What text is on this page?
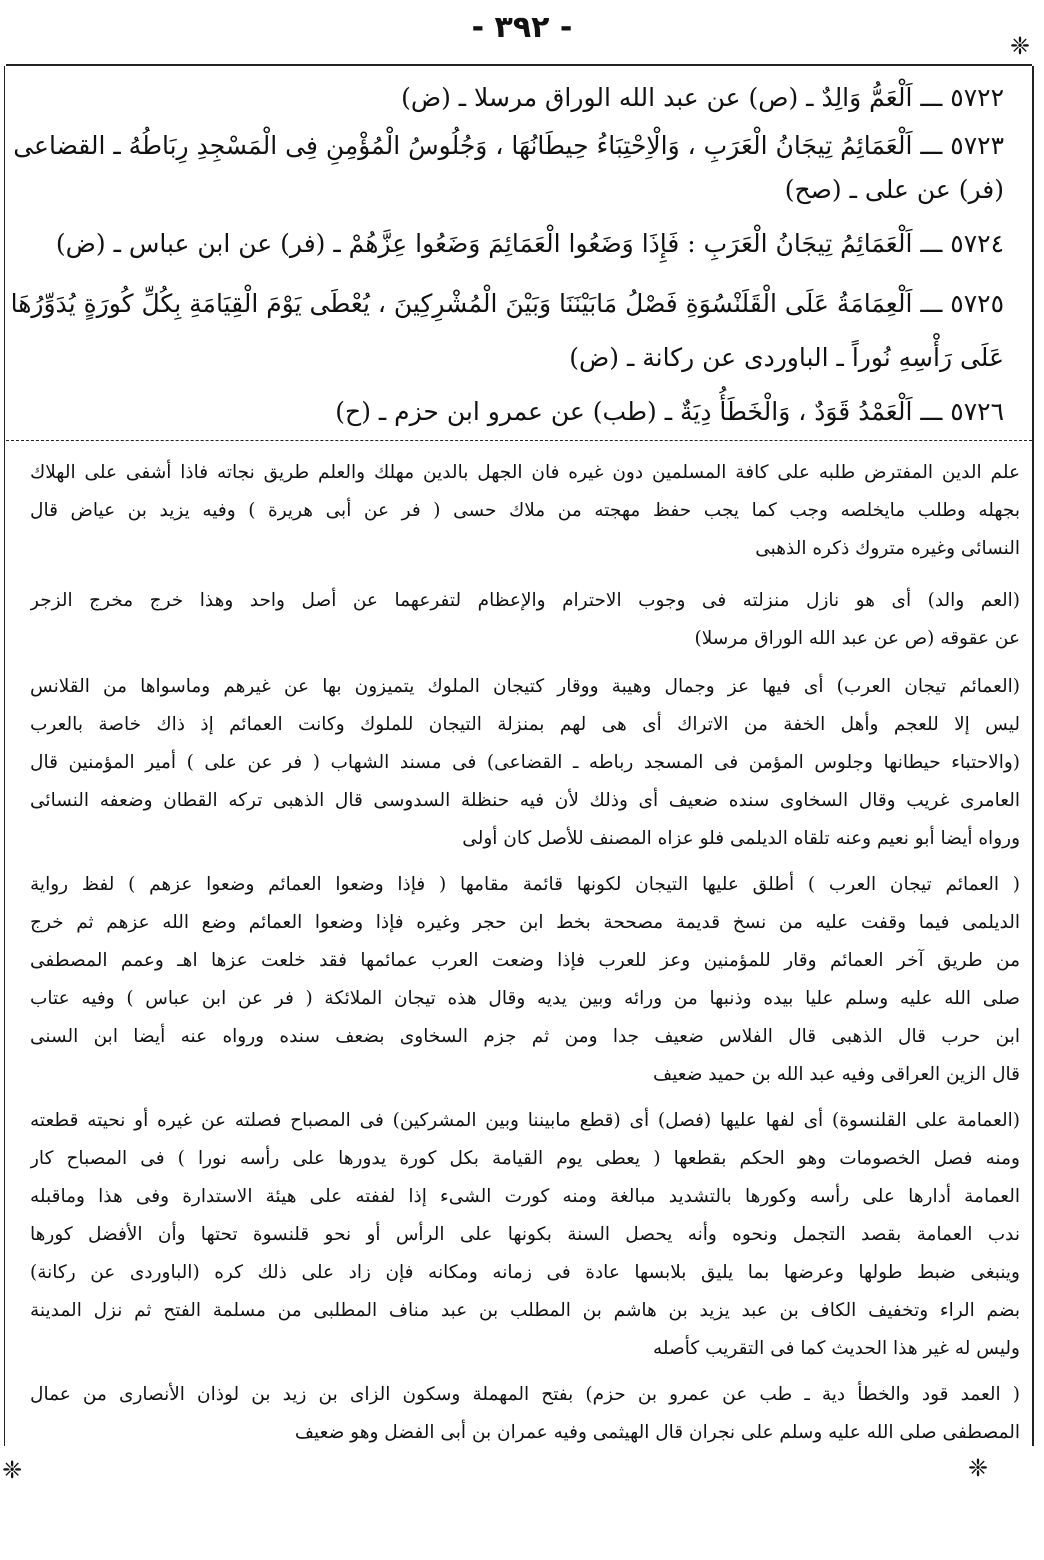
- ٣٩٢ -
❈
❈	❈
٥٧٢٢ ـــ اَلْعَمُّ وَالِدٌ ـ (ص) عن عبد الله الوراق مرسلا ـ (ض)
٥٧٢٣ ـــ اَلْعَمَائِمُ تِيجَانُ الْعَرَبِ ، وَالْاِحْتِبَاءُ حِيطَانُهَا ، وَجُلُوسُ الْمُؤْمِنِ فِى الْمَسْجِدِ رِبَاطُهُ ـ القضاعى
(فر) عن على ـ (صح)
٥٧٢٤ ـــ اَلْعَمَائِمُ تِيجَانُ الْعَرَبِ : فَإِذَا وَضَعُوا الْعَمَائِمَ وَضَعُوا عِزَّهُمْ ـ (فر) عن ابن عباس ـ (ض)
٥٧٢٥ ـــ اَلْعِمَامَةُ عَلَى الْقَلَنْسُوَةِ فَصْلُ مَابَيْنَنَا وَبَيْنَ الْمُشْرِكِينَ ، يُعْطَى يَوْمَ الْقِيَامَةِ بِكُلِّ كُورَةٍ يُدَوِّرُهَا
عَلَى رَأْسِهِ نُوراً ـ الباوردى عن ركانة ـ (ض)
٥٧٢٦ ـــ اَلْعَمْدُ قَوَدٌ ، وَالْخَطَأُ دِيَةٌ ـ (طب) عن عمرو ابن حزم ـ (ح)
علم الدين المفترض طلبه على كافة المسلمين دون غيره فان الجهل بالدين مهلك والعلم طريق نجاته فاذا أشفى على الهلاك
بجهله وطلب مايخلصه وجب كما يجب حفظ مهجته من ملاك حسى ( فر عن أبى هريرة ) وفيه يزيد بن عياض قال
النسائى وغيره متروك ذكره الذهبى
(العم والد) أى هو نازل منزلته فى وجوب الاحترام والإعظام لتفرعهما عن أصل واحد وهذا خرج مخرج الزجر
عن عقوقه (ص عن عبد الله الوراق مرسلا)
(العمائم تيجان العرب) أى فيها عز وجمال وهيبة ووقار كتيجان الملوك يتميزون بها عن غيرهم وماسواها من القلانس
ليس إلا للعجم وأهل الخفة من الاتراك أى هى لهم بمنزلة التيجان للملوك وكانت العمائم إذ ذاك خاصة بالعرب
(والاحتباء حيطانها وجلوس المؤمن فى المسجد رباطه ـ القضاعى) فى مسند الشهاب ( فر عن على ) أمير المؤمنين قال
العامرى غريب وقال السخاوى سنده ضعيف أى وذلك لأن فيه حنظلة السدوسى قال الذهبى تركه القطان وضعفه النسائى
ورواه أيضا أبو نعيم وعنه تلقاه الديلمى فلو عزاه المصنف للأصل كان أولى
( العمائم تيجان العرب ) أطلق عليها التيجان لكونها قائمة مقامها ( فإذا وضعوا العمائم وضعوا عزهم ) لفظ رواية
الديلمى فيما وقفت عليه من نسخ قديمة مصححة بخط ابن حجر وغيره فإذا وضعوا العمائم وضع الله عزهم ثم خرج
من طريق آخر العمائم وقار للمؤمنين وعز للعرب فإذا وضعت العرب عمائمها فقد خلعت عزها اهـ وعمم المصطفى
صلى الله عليه وسلم عليا بيده وذنبها من ورائه وبين يديه وقال هذه تيجان الملائكة ( فر عن ابن عباس ) وفيه عتاب
ابن حرب قال الذهبى قال الفلاس ضعيف جدا ومن ثم جزم السخاوى بضعف سنده ورواه عنه أيضا ابن السنى
قال الزين العراقى وفيه عبد الله بن حميد ضعيف
(العمامة على القلنسوة) أى لفها عليها (فصل) أى (قطع مابيننا وبين المشركين) فى المصباح فصلته عن غيره أو نحيته قطعته
ومنه فصل الخصومات وهو الحكم بقطعها ( يعطى يوم القيامة بكل كورة يدورها على رأسه نورا ) فى المصباح كار
العمامة أدارها على رأسه وكورها بالتشديد مبالغة ومنه كورت الشىء إذا لففته على هيئة الاستدارة وفى هذا وماقبله
ندب العمامة بقصد التجمل ونحوه وأنه يحصل السنة بكونها على الرأس أو نحو قلنسوة تحتها وأن الأفضل كورها
وينبغى ضبط طولها وعرضها بما يليق بلابسها عادة فى زمانه ومكانه فإن زاد على ذلك كره (الباوردى عن ركانة)
بضم الراء وتخفيف الكاف بن عبد يزيد بن هاشم بن المطلب بن عبد مناف المطلبى من مسلمة الفتح ثم نزل المدينة
وليس له غير هذا الحديث كما فى التقريب كأصله
( العمد قود والخطأ دية ـ طب عن عمرو بن حزم) بفتح المهملة وسكون الزاى بن زيد بن لوذان الأنصارى من عمال
المصطفى صلى الله عليه وسلم على نجران قال الهيثمى وفيه عمران بن أبى الفضل وهو ضعيف
